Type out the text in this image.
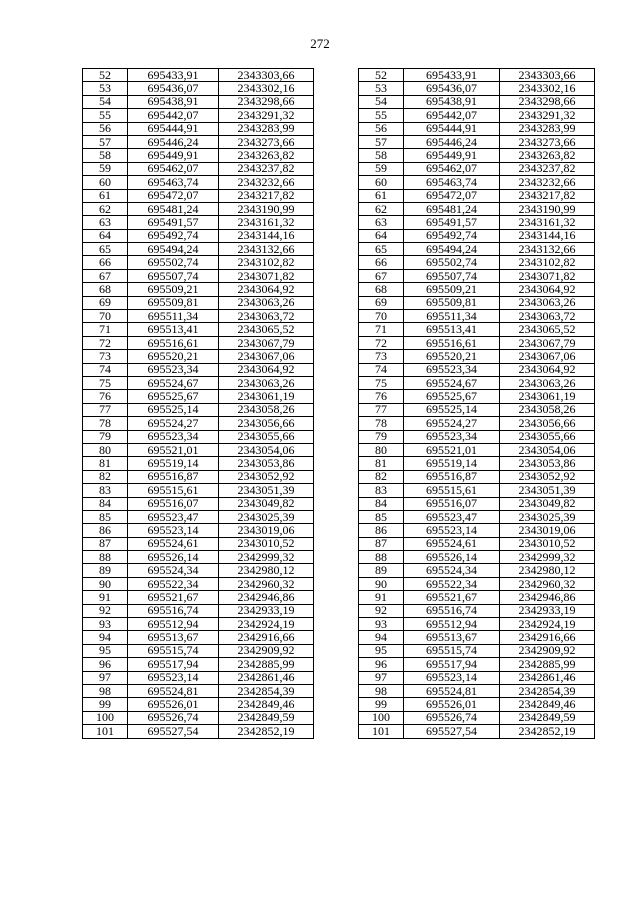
272
52	695433,91	2343303,66
53	695436,07	2343302,16
54	695438,91	2343298,66
55	695442,07	2343291,32
56	695444,91	2343283,99
57	695446,24	2343273,66
58	695449,91	2343263,82
59	695462,07	2343237,82
60	695463,74	2343232,66
61	695472,07	2343217,82
62	695481,24	2343190,99
63	695491,57	2343161,32
64	695492,74	2343144,16
65	695494,24	2343132,66
66	695502,74	2343102,82
67	695507,74	2343071,82
68	695509,21	2343064,92
69	695509,81	2343063,26
70	695511,34	2343063,72
71	695513,41	2343065,52
72	695516,61	2343067,79
73	695520,21	2343067,06
74	695523,34	2343064,92
75	695524,67	2343063,26
76	695525,67	2343061,19
77	695525,14	2343058,26
78	695524,27	2343056,66
79	695523,34	2343055,66
80	695521,01	2343054,06
81	695519,14	2343053,86
82	695516,87	2343052,92
83	695515,61	2343051,39
84	695516,07	2343049,82
85	695523,47	2343025,39
86	695523,14	2343019,06
87	695524,61	2343010,52
88	695526,14	2342999,32
89	695524,34	2342980,12
90	695522,34	2342960,32
91	695521,67	2342946,86
92	695516,74	2342933,19
93	695512,94	2342924,19
94	695513,67	2342916,66
95	695515,74	2342909,92
96	695517,94	2342885,99
97	695523,14	2342861,46
98	695524,81	2342854,39
99	695526,01	2342849,46
100	695526,74	2342849,59
101	695527,54	2342852,19
52	695433,91	2343303,66
53	695436,07	2343302,16
54	695438,91	2343298,66
55	695442,07	2343291,32
56	695444,91	2343283,99
57	695446,24	2343273,66
58	695449,91	2343263,82
59	695462,07	2343237,82
60	695463,74	2343232,66
61	695472,07	2343217,82
62	695481,24	2343190,99
63	695491,57	2343161,32
64	695492,74	2343144,16
65	695494,24	2343132,66
66	695502,74	2343102,82
67	695507,74	2343071,82
68	695509,21	2343064,92
69	695509,81	2343063,26
70	695511,34	2343063,72
71	695513,41	2343065,52
72	695516,61	2343067,79
73	695520,21	2343067,06
74	695523,34	2343064,92
75	695524,67	2343063,26
76	695525,67	2343061,19
77	695525,14	2343058,26
78	695524,27	2343056,66
79	695523,34	2343055,66
80	695521,01	2343054,06
81	695519,14	2343053,86
82	695516,87	2343052,92
83	695515,61	2343051,39
84	695516,07	2343049,82
85	695523,47	2343025,39
86	695523,14	2343019,06
87	695524,61	2343010,52
88	695526,14	2342999,32
89	695524,34	2342980,12
90	695522,34	2342960,32
91	695521,67	2342946,86
92	695516,74	2342933,19
93	695512,94	2342924,19
94	695513,67	2342916,66
95	695515,74	2342909,92
96	695517,94	2342885,99
97	695523,14	2342861,46
98	695524,81	2342854,39
99	695526,01	2342849,46
100	695526,74	2342849,59
101	695527,54	2342852,19
